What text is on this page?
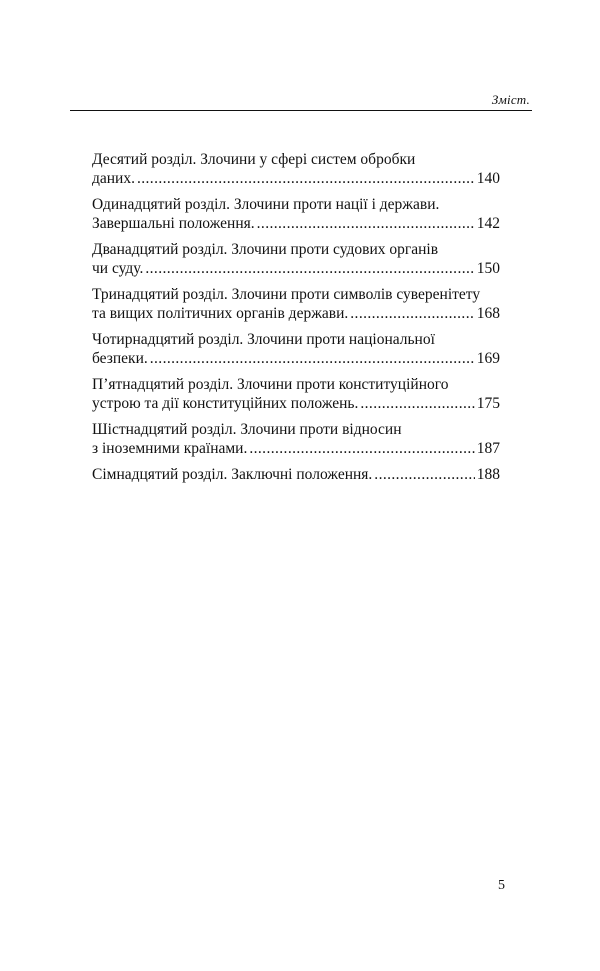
Зміст.
Десятий розділ. Злочини у сфері систем обробки
даних. .....	140
Одинадцятий розділ. Злочини проти нації і держави.
Завершальні положення. .....	142
Дванадцятий розділ. Злочини проти судових органів
чи суду. .....	150
Тринадцятий розділ. Злочини проти символів суверенітету
та вищих політичних органів держави. .....	168
Чотирнадцятий розділ. Злочини проти національної
безпеки. .....	169
П’ятнадцятий розділ. Злочини проти конституційного
устрою та дії конституційних положень. .....	175
Шістнадцятий розділ. Злочини проти відносин
з іноземними країнами. .....	187
Сімнадцятий розділ. Заключні положення. .....	188
5
